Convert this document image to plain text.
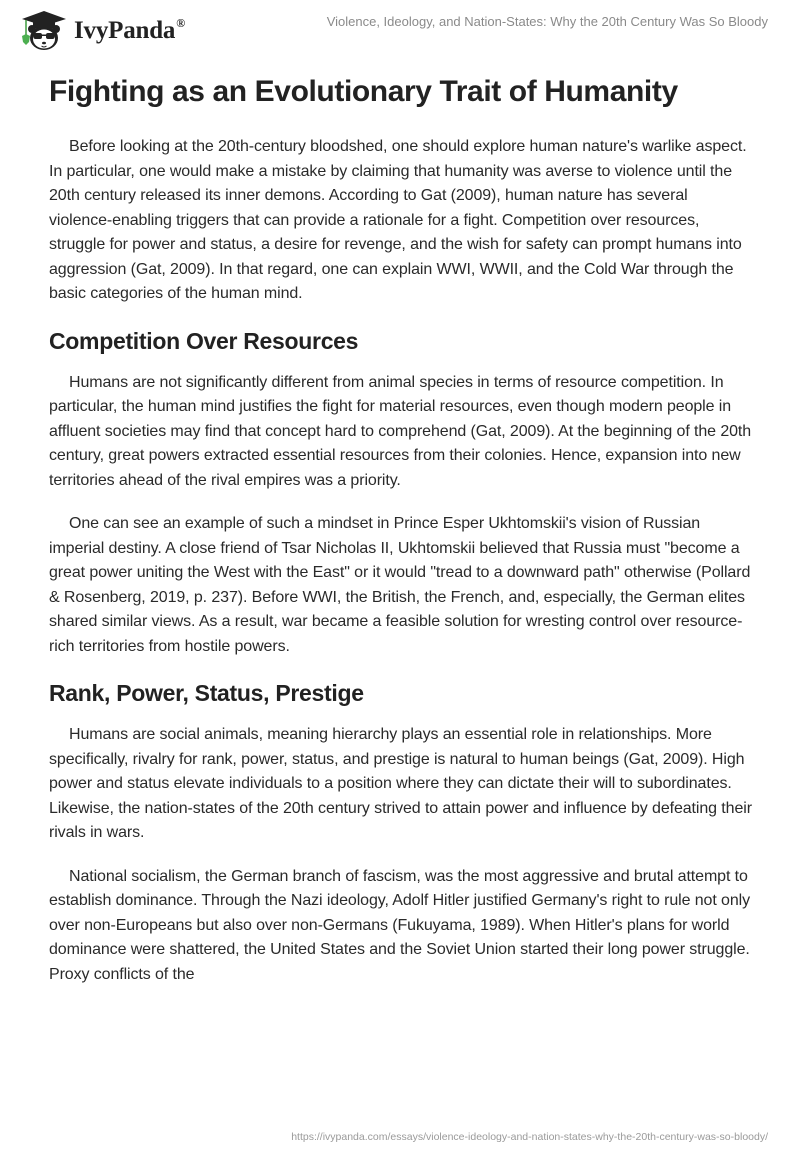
IvyPanda ®	Violence, Ideology, and Nation-States: Why the 20th Century Was So Bloody
Fighting as an Evolutionary Trait of Humanity

Before looking at the 20th-century bloodshed, one should explore human nature's warlike aspect. In particular, one would make a mistake by claiming that humanity was averse to violence until the 20th century released its inner demons. According to Gat (2009), human nature has several violence-enabling triggers that can provide a rationale for a fight. Competition over resources, struggle for power and status, a desire for revenge, and the wish for safety can prompt humans into aggression (Gat, 2009). In that regard, one can explain WWI, WWII, and the Cold War through the basic categories of the human mind.

Competition Over Resources

Humans are not significantly different from animal species in terms of resource competition. In particular, the human mind justifies the fight for material resources, even though modern people in affluent societies may find that concept hard to comprehend (Gat, 2009). At the beginning of the 20th century, great powers extracted essential resources from their colonies. Hence, expansion into new territories ahead of the rival empires was a priority.

One can see an example of such a mindset in Prince Esper Ukhtomskii's vision of Russian imperial destiny. A close friend of Tsar Nicholas II, Ukhtomskii believed that Russia must "become a great power uniting the West with the East" or it would "tread to a downward path" otherwise (Pollard & Rosenberg, 2019, p. 237). Before WWI, the British, the French, and, especially, the German elites shared similar views. As a result, war became a feasible solution for wresting control over resource-rich territories from hostile powers.

Rank, Power, Status, Prestige

Humans are social animals, meaning hierarchy plays an essential role in relationships. More specifically, rivalry for rank, power, status, and prestige is natural to human beings (Gat, 2009). High power and status elevate individuals to a position where they can dictate their will to subordinates. Likewise, the nation-states of the 20th century strived to attain power and influence by defeating their rivals in wars.

National socialism, the German branch of fascism, was the most aggressive and brutal attempt to establish dominance. Through the Nazi ideology, Adolf Hitler justified Germany's right to rule not only over non-Europeans but also over non-Germans (Fukuyama, 1989). When Hitler's plans for world dominance were shattered, the United States and the Soviet Union started their long power struggle. Proxy conflicts of the

https://ivypanda.com/essays/violence-ideology-and-nation-states-why-the-20th-century-was-so-bloody/
